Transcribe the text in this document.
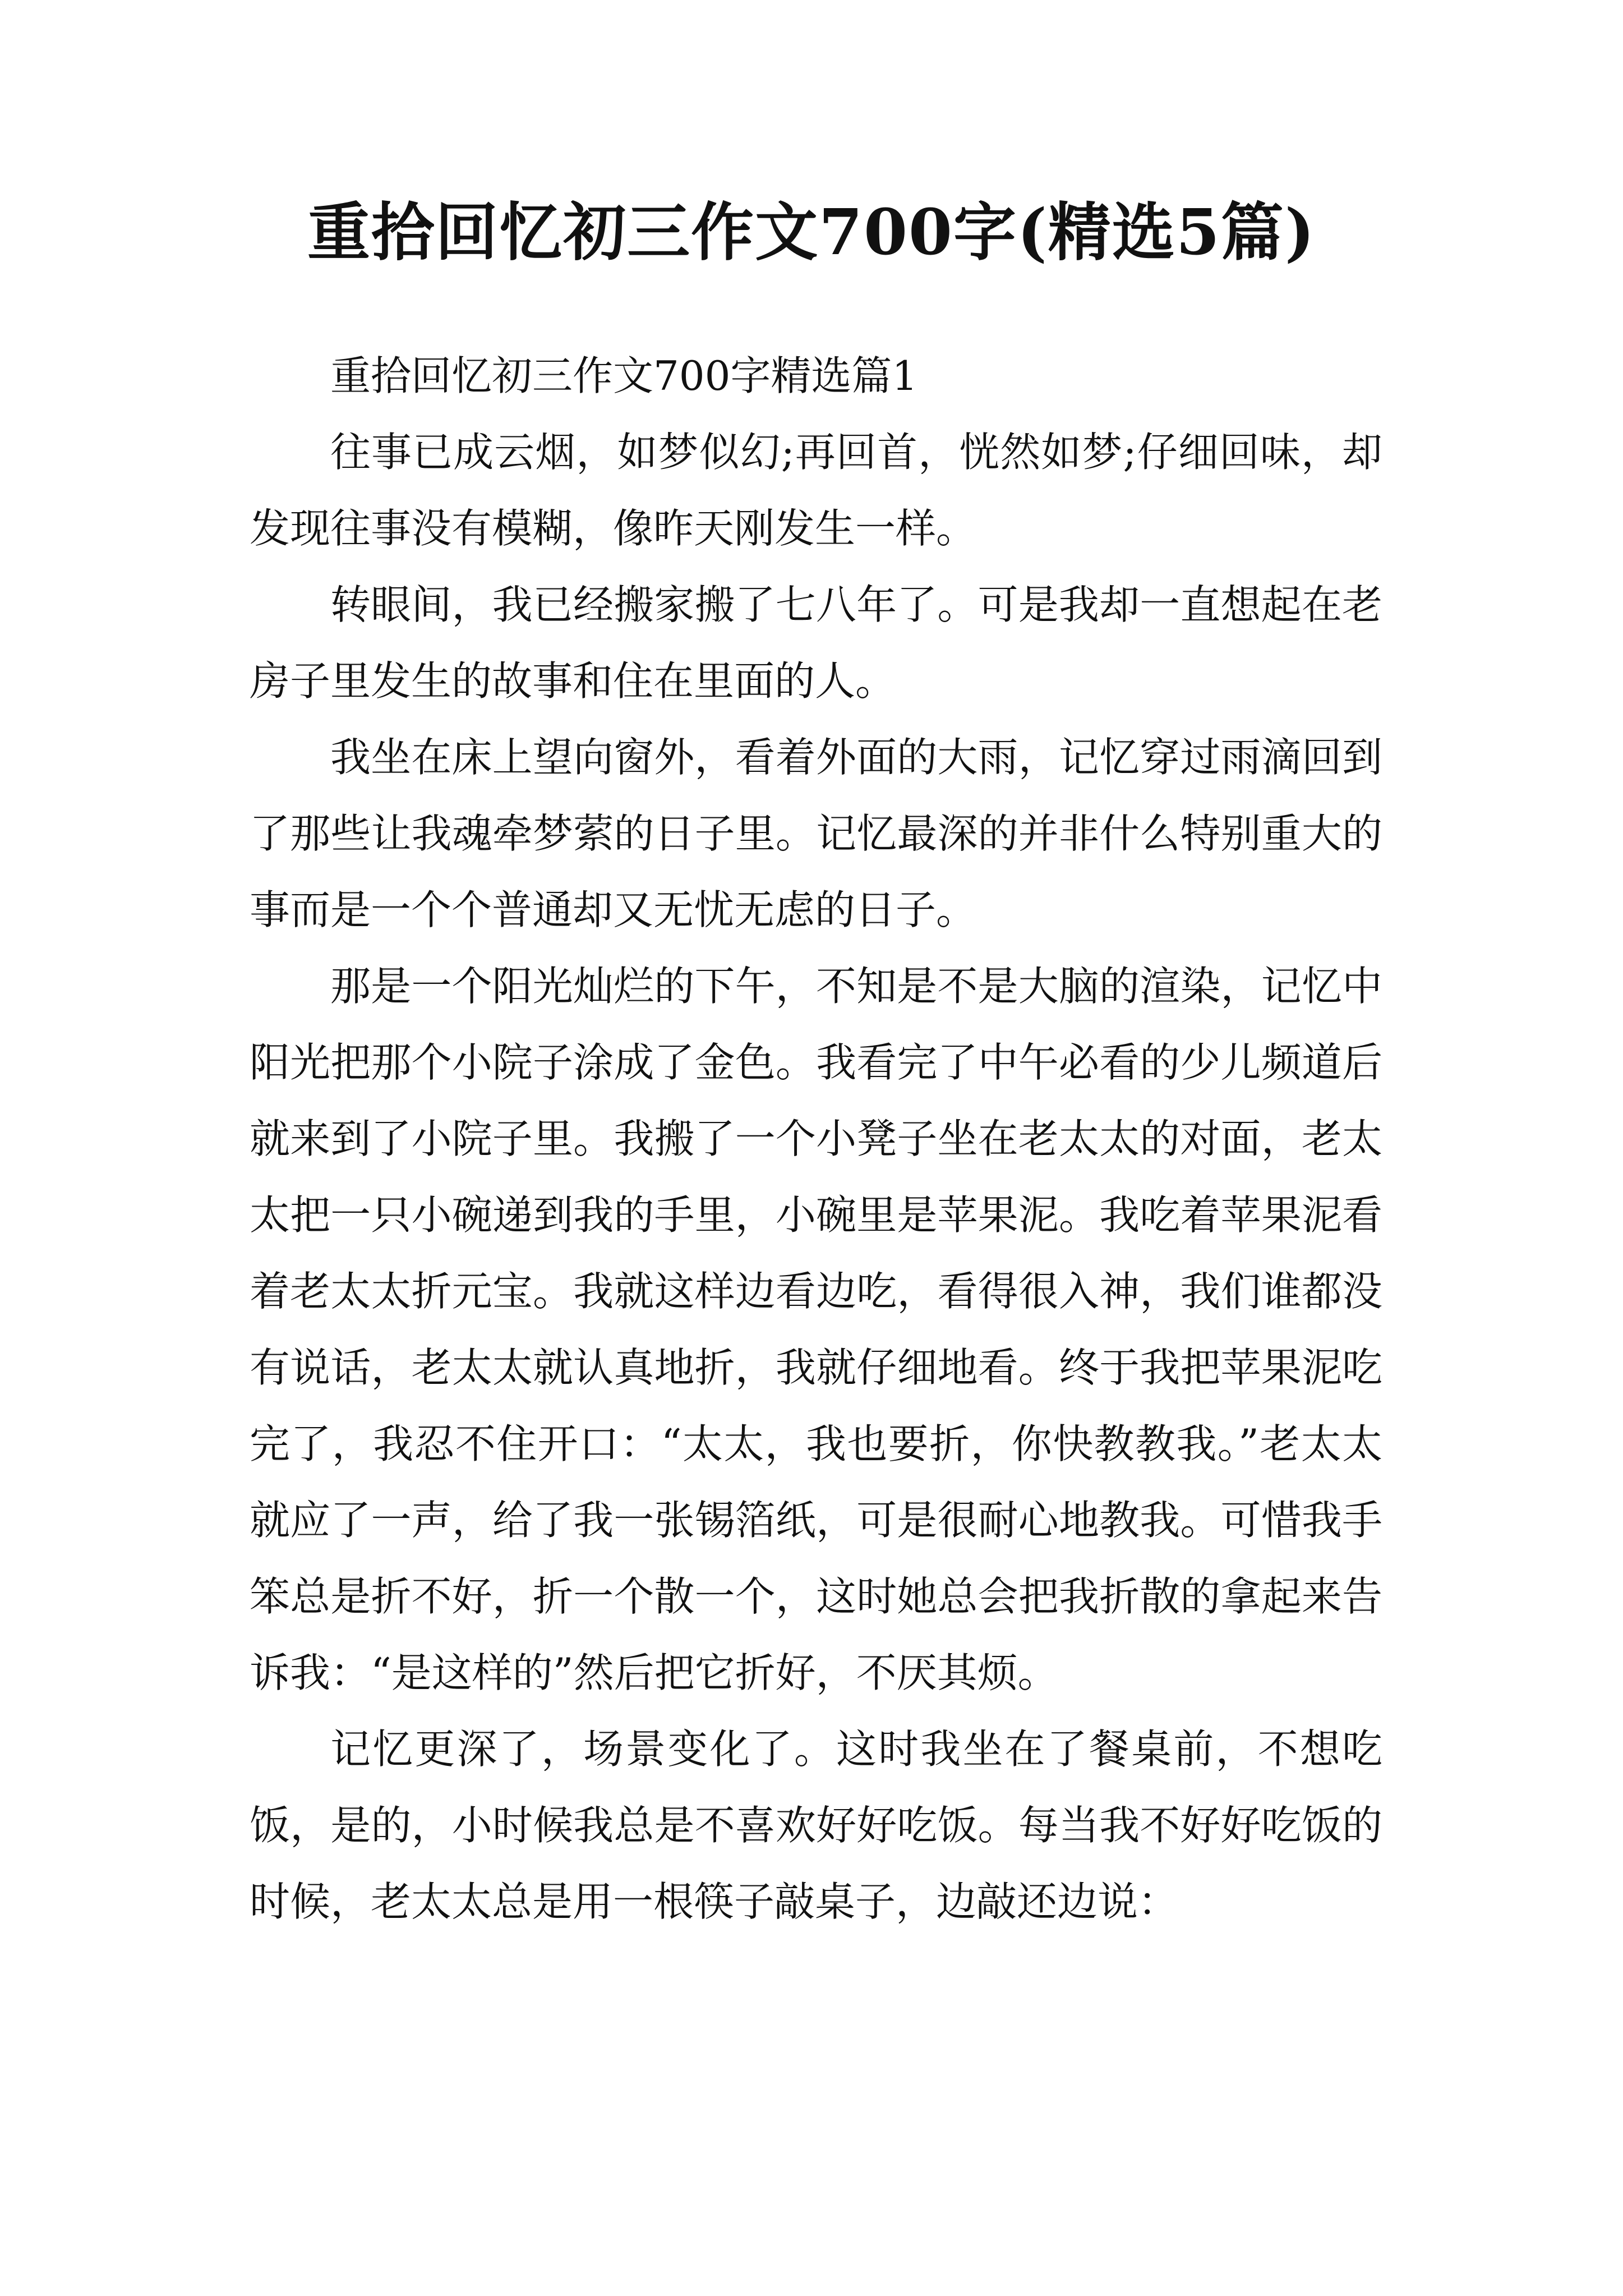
重拾回忆初三作文700字(精选5篇)

重拾回忆初三作文700字精选篇1

往事已成云烟，如梦似幻;再回首，恍然如梦;仔细回味，却发现往事没有模糊，像昨天刚发生一样。

转眼间，我已经搬家搬了七八年了。可是我却一直想起在老房子里发生的故事和住在里面的人。

我坐在床上望向窗外，看着外面的大雨，记忆穿过雨滴回到了那些让我魂牵梦萦的日子里。记忆最深的并非什么特别重大的事而是一个个普通却又无忧无虑的日子。

那是一个阳光灿烂的下午，不知是不是大脑的渲染，记忆中阳光把那个小院子涂成了金色。我看完了中午必看的少儿频道后就来到了小院子里。我搬了一个小凳子坐在老太太的对面，老太太把一只小碗递到我的手里，小碗里是苹果泥。我吃着苹果泥看着老太太折元宝。我就这样边看边吃，看得很入神，我们谁都没有说话，老太太就认真地折，我就仔细地看。终于我把苹果泥吃完了，我忍不住开口：“太太，我也要折，你快教教我。”老太太就应了一声，给了我一张锡箔纸，可是很耐心地教我。可惜我手笨总是折不好，折一个散一个，这时她总会把我折散的拿起来告诉我：“是这样的”然后把它折好，不厌其烦。

记忆更深了，场景变化了。这时我坐在了餐桌前，不想吃饭，是的，小时候我总是不喜欢好好吃饭。每当我不好好吃饭的时候，老太太总是用一根筷子敲桌子，边敲还边说：
